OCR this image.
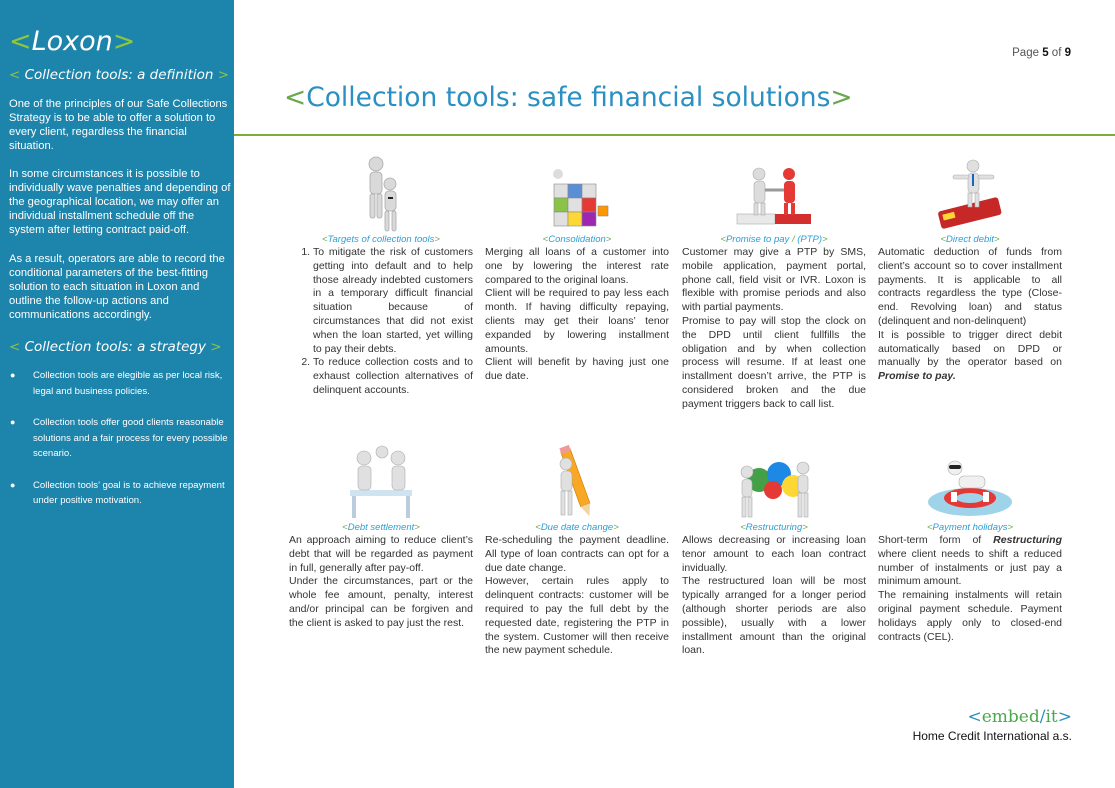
<Loxon>
< Collection tools: a definition >

One of the principles of our Safe Collections Strategy is to be able to offer a solution to every client, regardless the financial situation.

In some circumstances it is possible to individually wave penalties and depending of the geographical location, we may offer an individual installment schedule off the system after letting contract paid-off.

As a result, operators are able to record the conditional parameters of the best-fitting solution to each situation in Loxon and outline the follow-up actions and communications accordingly.

< Collection tools: a strategy >
● Collection tools are elegible as per local risk, legal and business policies.
● Collection tools offer good clients reasonable solutions and a fair process for every possible scenario.
● Collection tools’ goal is to achieve repayment under positive motivation.
Page 5 of 9
<Collection tools: safe financial solutions>
<Targets of collection tools>
1. To mitigate the risk of customers getting into default and to help those already indebted customers in a temporary difficult financial situation because of circumstances that did not exist when the loan started, yet willing to pay their debts.
2. To reduce collection costs and to exhaust collection alternatives of delinquent accounts.
<Consolidation>

Merging all loans of a customer into one by lowering the interest rate compared to the original loans.

Client will be required to pay less each month. If having difficulty repaying, clients may get their loans’ tenor expanded by lowering installment amounts.

Client will benefit by having just one due date.

<Promise to pay / (PTP)>

Customer may give a PTP by SMS, mobile application, payment portal, phone call, field visit or IVR. Loxon is flexible with promise periods and also with partial payments.

Promise to pay will stop the clock on the DPD until client fullfills the obligation and by when collection process will resume. If at least one installment doesn’t arrive, the PTP is considered broken and the due payment triggers back to call list.

<Direct debit>

Automatic deduction of funds from client’s account so to cover installment payments. It is applicable to all contracts regardless the type (Close-end. Revolving loan) and status (delinquent and non-delinquent)

It is possible to trigger direct debit automatically based on DPD or manually by the operator based on Promise to pay.

<Debt settlement>

An approach aiming to reduce client’s debt that will be regarded as payment in full, generally after pay-off.

Under the circumstances, part or the whole fee amount, penalty, interest and/or principal can be forgiven and the client is asked to pay just the rest.

<Due date change>

Re-scheduling the payment deadline. All type of loan contracts can opt for a due date change.

However, certain rules apply to delinquent contracts: customer will be required to pay the full debt by the requested date, registering the PTP in the system. Customer will then receive the new payment schedule.

<Restructuring>

Allows decreasing or increasing loan tenor amount to each loan contract invidually.

The restructured loan will be most typically arranged for a longer period (although shorter periods are also possible), usually with a lower installment amount than the original loan.

<Payment holidays>

Short-term form of Restructuring where client needs to shift a reduced number of instalments or just pay a minimum amount.

The remaining instalments will retain original payment schedule. Payment holidays apply only to closed-end contracts (CEL).

<embed/it>
Home Credit International a.s.
